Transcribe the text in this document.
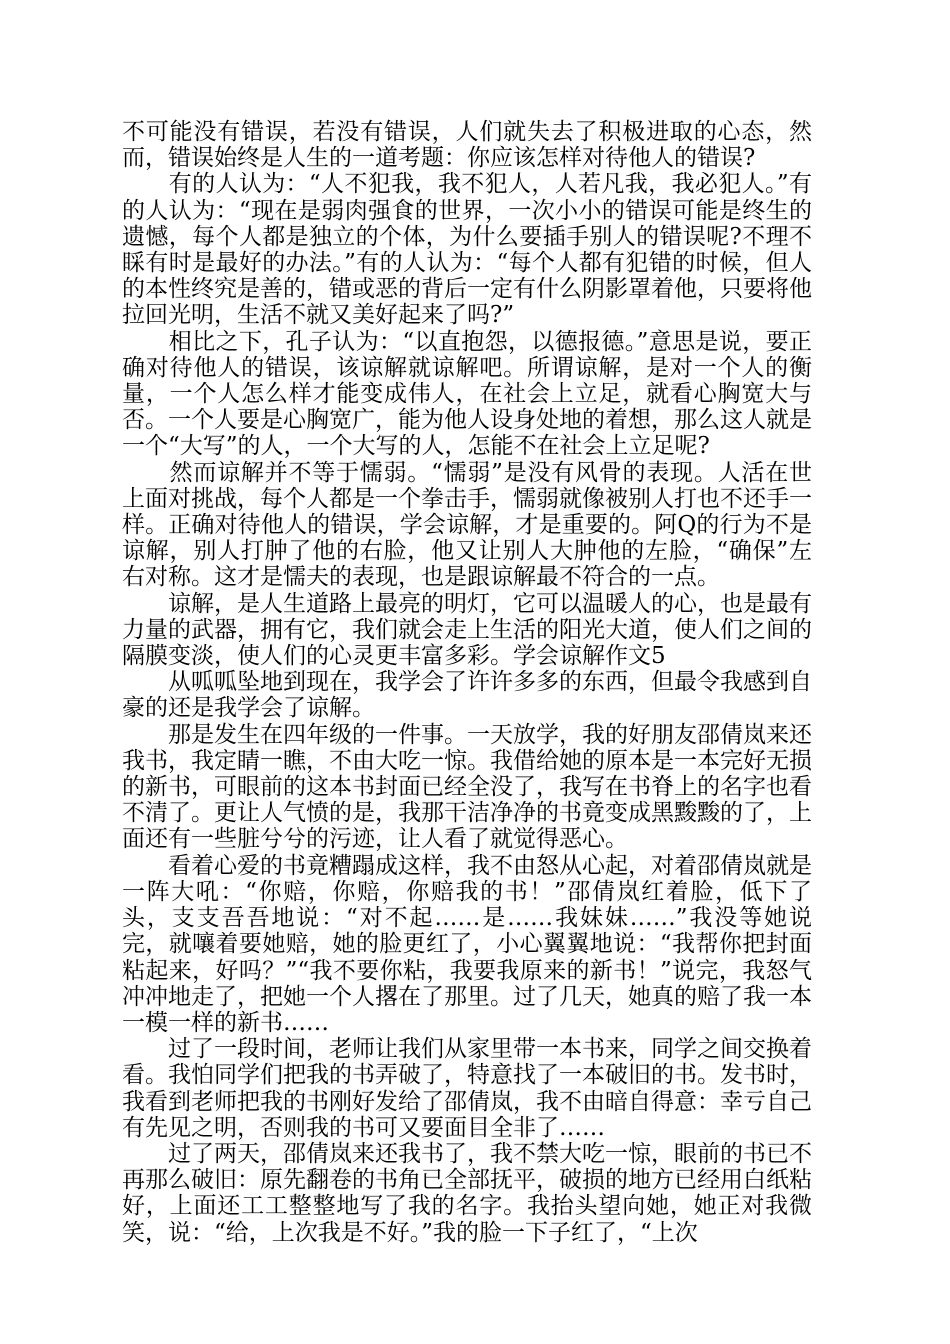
不可能没有错误，若没有错误，人们就失去了积极进取的心态，然而，错误始终是人生的一道考题：你应该怎样对待他人的错误?

　　有的人认为：“人不犯我，我不犯人，人若凡我，我必犯人。”有的人认为：“现在是弱肉强食的世界，一次小小的错误可能是终生的遗憾，每个人都是独立的个体，为什么要插手别人的错误呢?不理不睬有时是最好的办法。”有的人认为：“每个人都有犯错的时候，但人的本性终究是善的，错或恶的背后一定有什么阴影罩着他，只要将他拉回光明，生活不就又美好起来了吗?”

　　相比之下，孔子认为：“以直抱怨，以德报德。”意思是说，要正确对待他人的错误，该谅解就谅解吧。所谓谅解，是对一个人的衡量，一个人怎么样才能变成伟人，在社会上立足，就看心胸宽大与否。一个人要是心胸宽广，能为他人设身处地的着想，那么这人就是一个“大写”的人，一个大写的人，怎能不在社会上立足呢?

　　然而谅解并不等于懦弱。“懦弱”是没有风骨的表现。人活在世上面对挑战，每个人都是一个拳击手，懦弱就像被别人打也不还手一样。正确对待他人的错误，学会谅解，才是重要的。阿Q的行为不是谅解，别人打肿了他的右脸，他又让别人大肿他的左脸，“确保”左右对称。这才是懦夫的表现，也是跟谅解最不符合的一点。

　　谅解，是人生道路上最亮的明灯，它可以温暖人的心，也是最有力量的武器，拥有它，我们就会走上生活的阳光大道，使人们之间的隔膜变淡，使人们的心灵更丰富多彩。学会谅解作文5

　　从呱呱坠地到现在，我学会了许许多多的东西，但最令我感到自豪的还是我学会了谅解。

　　那是发生在四年级的一件事。一天放学，我的好朋友邵倩岚来还我书，我定睛一瞧，不由大吃一惊。我借给她的原本是一本完好无损的新书，可眼前的这本书封面已经全没了，我写在书脊上的名字也看不清了。更让人气愤的是，我那干洁净净的书竟变成黑黢黢的了，上面还有一些脏兮兮的污迹，让人看了就觉得恶心。

　　看着心爱的书竟糟蹋成这样，我不由怒从心起，对着邵倩岚就是一阵大吼：“你赔，你赔，你赔我的书！”邵倩岚红着脸，低下了头，支支吾吾地说：“对不起……是……我妹妹……”我没等她说完，就嚷着要她赔，她的脸更红了，小心翼翼地说：“我帮你把封面粘起来，好吗？”“我不要你粘，我要我原来的新书！”说完，我怒气冲冲地走了，把她一个人撂在了那里。过了几天，她真的赔了我一本一模一样的新书……

　　过了一段时间，老师让我们从家里带一本书来，同学之间交换着看。我怕同学们把我的书弄破了，特意找了一本破旧的书。发书时，我看到老师把我的书刚好发给了邵倩岚，我不由暗自得意：幸亏自己有先见之明，否则我的书可又要面目全非了……

　　过了两天，邵倩岚来还我书了，我不禁大吃一惊，眼前的书已不再那么破旧：原先翻卷的书角已全部抚平，破损的地方已经用白纸粘好，上面还工工整整地写了我的名字。我抬头望向她，她正对我微笑，说：“给，上次我是不好。”我的脸一下子红了，“上次
